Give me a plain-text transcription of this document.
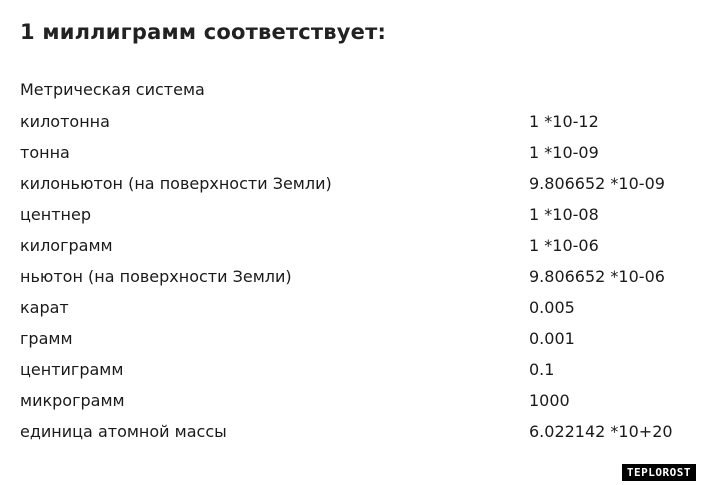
1 миллиграмм соответствует:
Метрическая система
килотонна	1 *10-12
тонна	1 *10-09
килоньютон (на поверхности Земли)	9.806652 *10-09
центнер	1 *10-08
килограмм	1 *10-06
ньютон (на поверхности Земли)	9.806652 *10-06
карат	0.005
грамм	0.001
центиграмм	0.1
микрограмм	1000
единица атомной массы	6.022142 *10+20
TEPLOROST
